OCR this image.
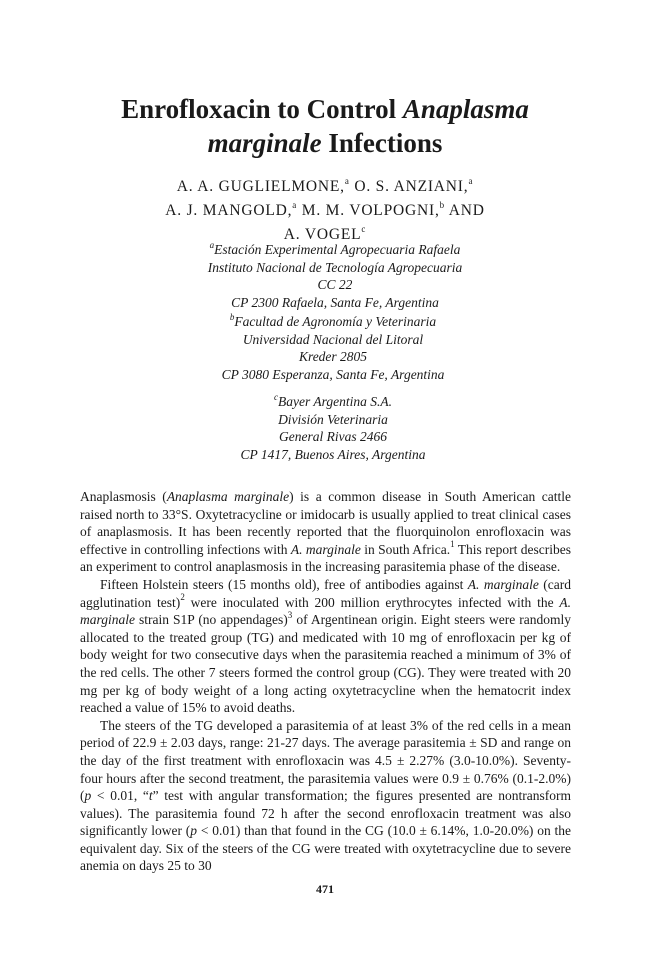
Enrofloxacin to Control Anaplasma
marginale Infections
A. A. GUGLIELMONE,$^a$ O. S. ANZIANI,$^a$
A. J. MANGOLD,$^a$ M. M. VOLPOGNI,$^b$ AND
A. VOGEL$^c$
$^a$Estación Experimental Agropecuaria Rafaela
Instituto Nacional de Tecnología Agropecuaria
CC 22
CP 2300 Rafaela, Santa Fe, Argentina
$^b$Facultad de Agronomía y Veterinaria
Universidad Nacional del Litoral
Kreder 2805
CP 3080 Esperanza, Santa Fe, Argentina
$^c$Bayer Argentina S.A.
División Veterinaria
General Rivas 2466
CP 1417, Buenos Aires, Argentina

Anaplasmosis (Anaplasma marginale) is a common disease in South American cattle raised north to 33°S. Oxytetracycline or imidocarb is usually applied to treat clinical cases of anaplasmosis. It has been recently reported that the fluorquinolon enrofloxacin was effective in controlling infections with A. marginale in South Africa.$^1$ This report describes an experiment to control anaplasmosis in the increasing parasitemia phase of the disease.

Fifteen Holstein steers (15 months old), free of antibodies against A. marginale (card agglutination test)$^2$ were inoculated with 200 million erythrocytes infected with the A. marginale strain S1P (no appendages)$^3$ of Argentinean origin. Eight steers were randomly allocated to the treated group (TG) and medicated with 10 mg of enrofloxacin per kg of body weight for two consecutive days when the parasitemia reached a minimum of 3% of the red cells. The other 7 steers formed the control group (CG). They were treated with 20 mg per kg of body weight of a long acting oxytetracycline when the hematocrit index reached a value of 15% to avoid deaths.

The steers of the TG developed a parasitemia of at least 3% of the red cells in a mean period of 22.9 ± 2.03 days, range: 21-27 days. The average parasitemia ± SD and range on the day of the first treatment with enrofloxacin was 4.5 ± 2.27% (3.0-10.0%). Seventy-four hours after the second treatment, the parasitemia values were 0.9 ± 0.76% (0.1-2.0%) (p < 0.01, “t” test with angular transformation; the figures presented are nontransform values). The parasitemia found 72 h after the second enrofloxacin treatment was also significantly lower (p < 0.01) than that found in the CG (10.0 ± 6.14%, 1.0-20.0%) on the equivalent day. Six of the steers of the CG were treated with oxytetracycline due to severe anemia on days 25 to 30

471
